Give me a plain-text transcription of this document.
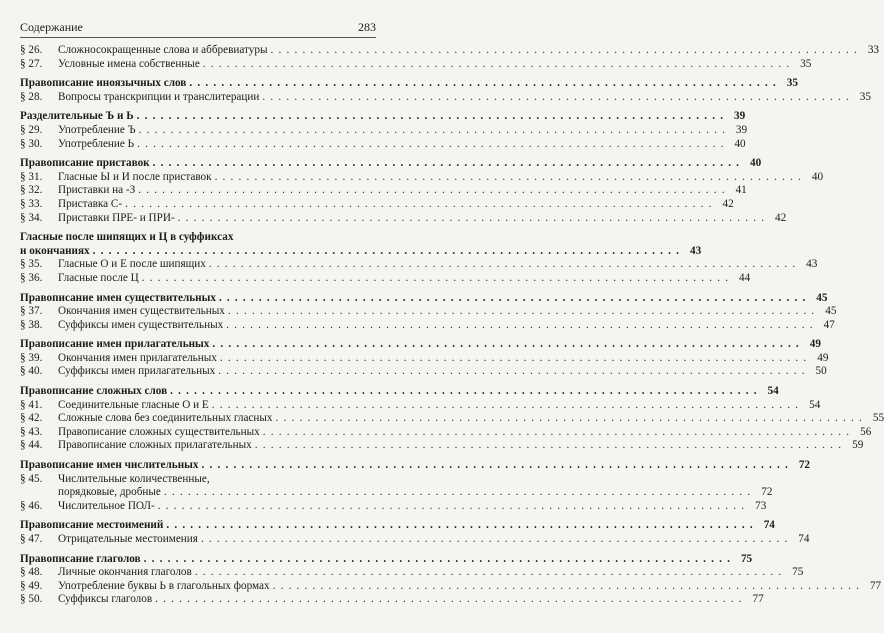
Содержание	283
§ 26.	Сложносокращенные слова и аббревиатуры . . .	33
§ 27.	Условные имена собственные . . .	35
Правописание иноязычных слов . . .	35
§ 28.	Вопросы транскрипции и транслитерации . . .	35
Разделительные Ъ и Ь . . .	39
§ 29.	Употребление Ъ . . .	39
§ 30.	Употребление Ь . . .	40
Правописание приставок . . .	40
§ 31.	Гласные Ы и И после приставок . . .	40
§ 32.	Приставки на -З . . .	41
§ 33.	Приставка С- . . .	42
§ 34.	Приставки ПРЕ- и ПРИ- . . .	42
Гласные после шипящих и Ц в суффиксах
и окончаниях . . .	43
§ 35.	Гласные О и Е после шипящих . . .	43
§ 36.	Гласные после Ц . . .	44
Правописание имен существительных . . .	45
§ 37.	Окончания имен существительных . . .	45
§ 38.	Суффиксы имен существительных . . .	47
Правописание имен прилагательных . . .	49
§ 39.	Окончания имен прилагательных . . .	49
§ 40.	Суффиксы имен прилагательных . . .	50
Правописание сложных слов . . .	54
§ 41.	Соединительные гласные О и Е . . .	54
§ 42.	Сложные слова без соединительных гласных . . .	55
§ 43.	Правописание сложных существительных . . .	56
§ 44.	Правописание сложных прилагательных . . .	59
Правописание имен числительных . . .	72
§ 45.	Числительные количественные,
порядковые, дробные . . .	72
§ 46.	Числительное ПОЛ- . . .	73
Правописание местоимений . . .	74
§ 47.	Отрицательные местоимения . . .	74
Правописание глаголов . . .	75
§ 48.	Личные окончания глаголов . . .	75
§ 49.	Употребление буквы Ь в глагольных формах . . .	77
§ 50.	Суффиксы глаголов . . .	77
